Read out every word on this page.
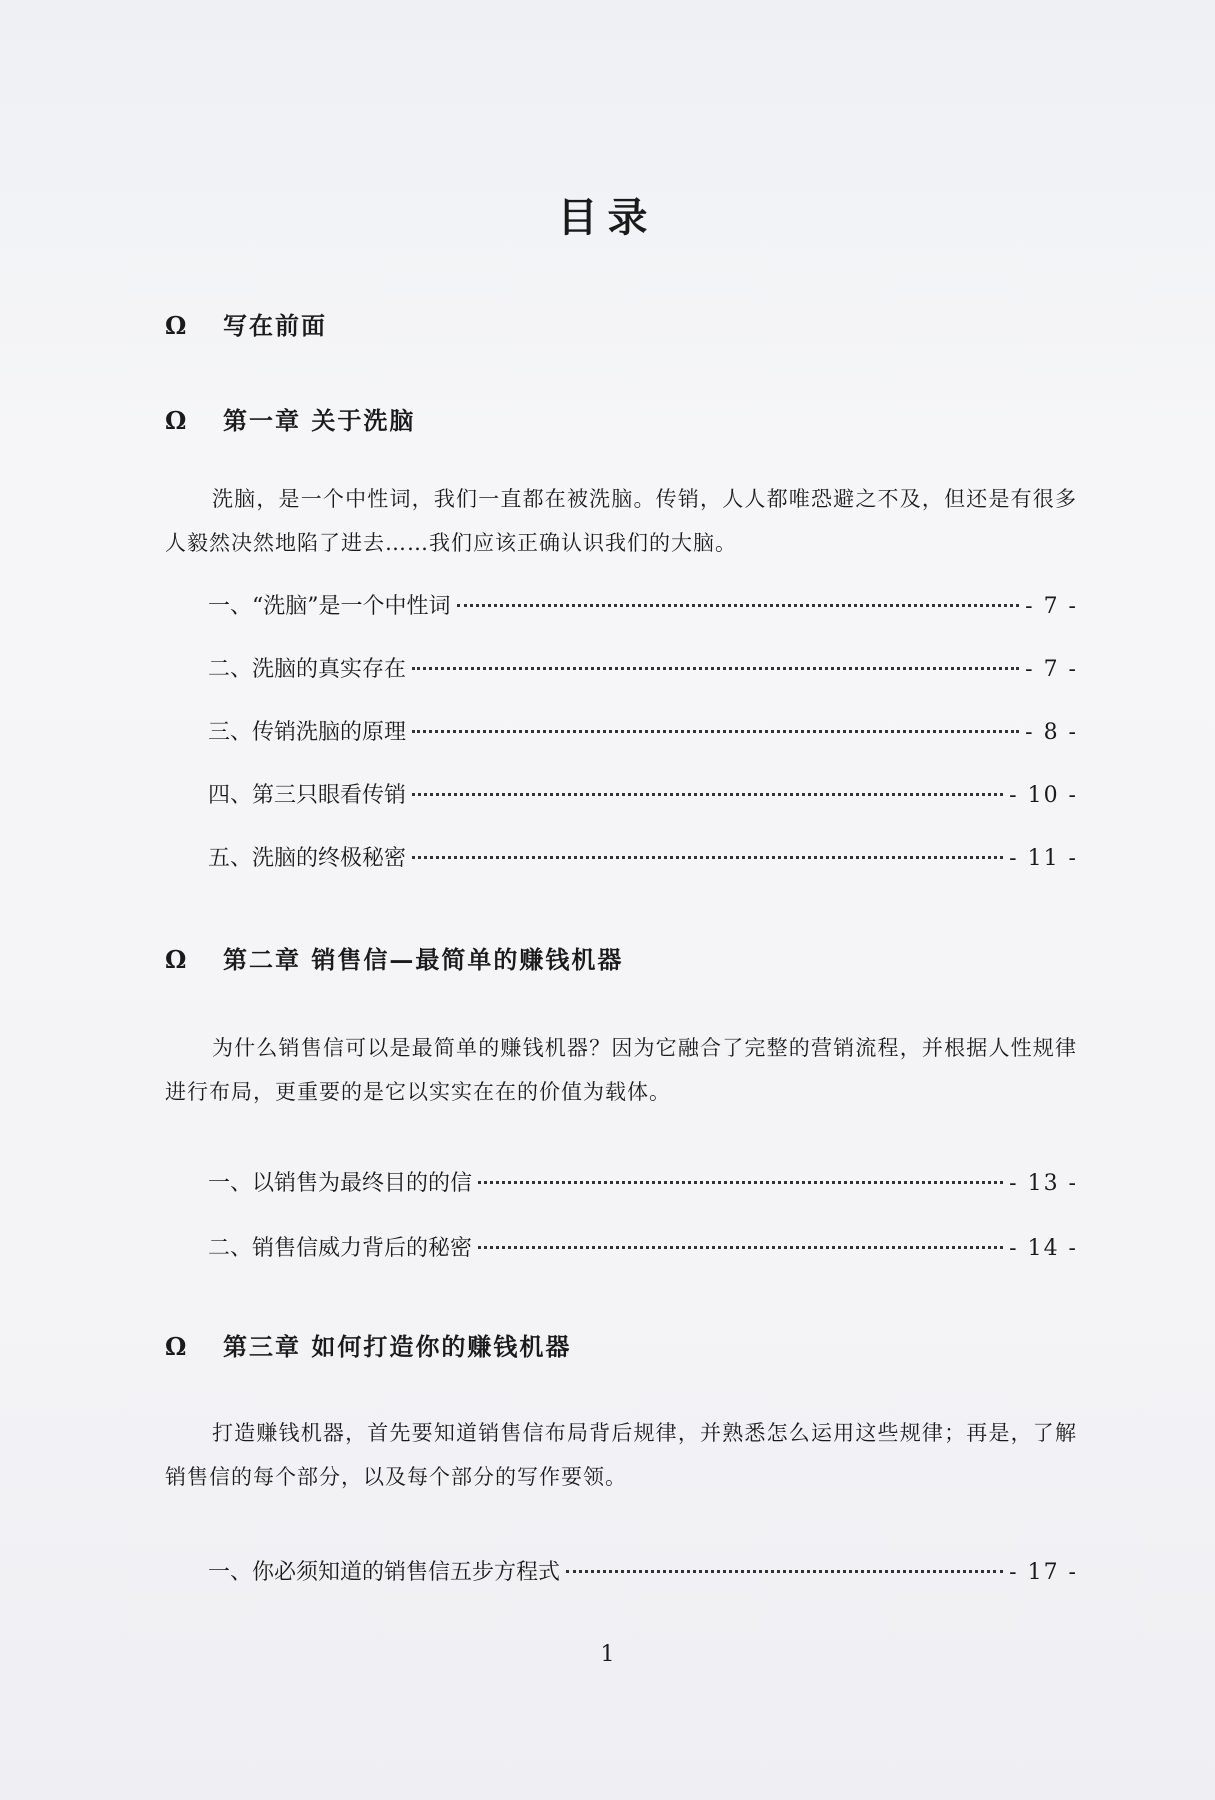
目录
Ω 写在前面
Ω 第一章 关于洗脑
洗脑，是一个中性词，我们一直都在被洗脑。传销，人人都唯恐避之不及，但还是有很多人毅然决然地陷了进去……我们应该正确认识我们的大脑。
一、“洗脑”是一个中性词	- 7 -
二、洗脑的真实存在	- 7 -
三、传销洗脑的原理	- 8 -
四、第三只眼看传销	- 10 -
五、洗脑的终极秘密	- 11 -
Ω 第二章 销售信—最简单的赚钱机器
为什么销售信可以是最简单的赚钱机器？因为它融合了完整的营销流程，并根据人性规律进行布局，更重要的是它以实实在在的价值为载体。
一、以销售为最终目的的信	- 13 -
二、销售信威力背后的秘密	- 14 -
Ω 第三章 如何打造你的赚钱机器
打造赚钱机器，首先要知道销售信布局背后规律，并熟悉怎么运用这些规律；再是，了解销售信的每个部分，以及每个部分的写作要领。
一、你必须知道的销售信五步方程式	- 17 -
1
